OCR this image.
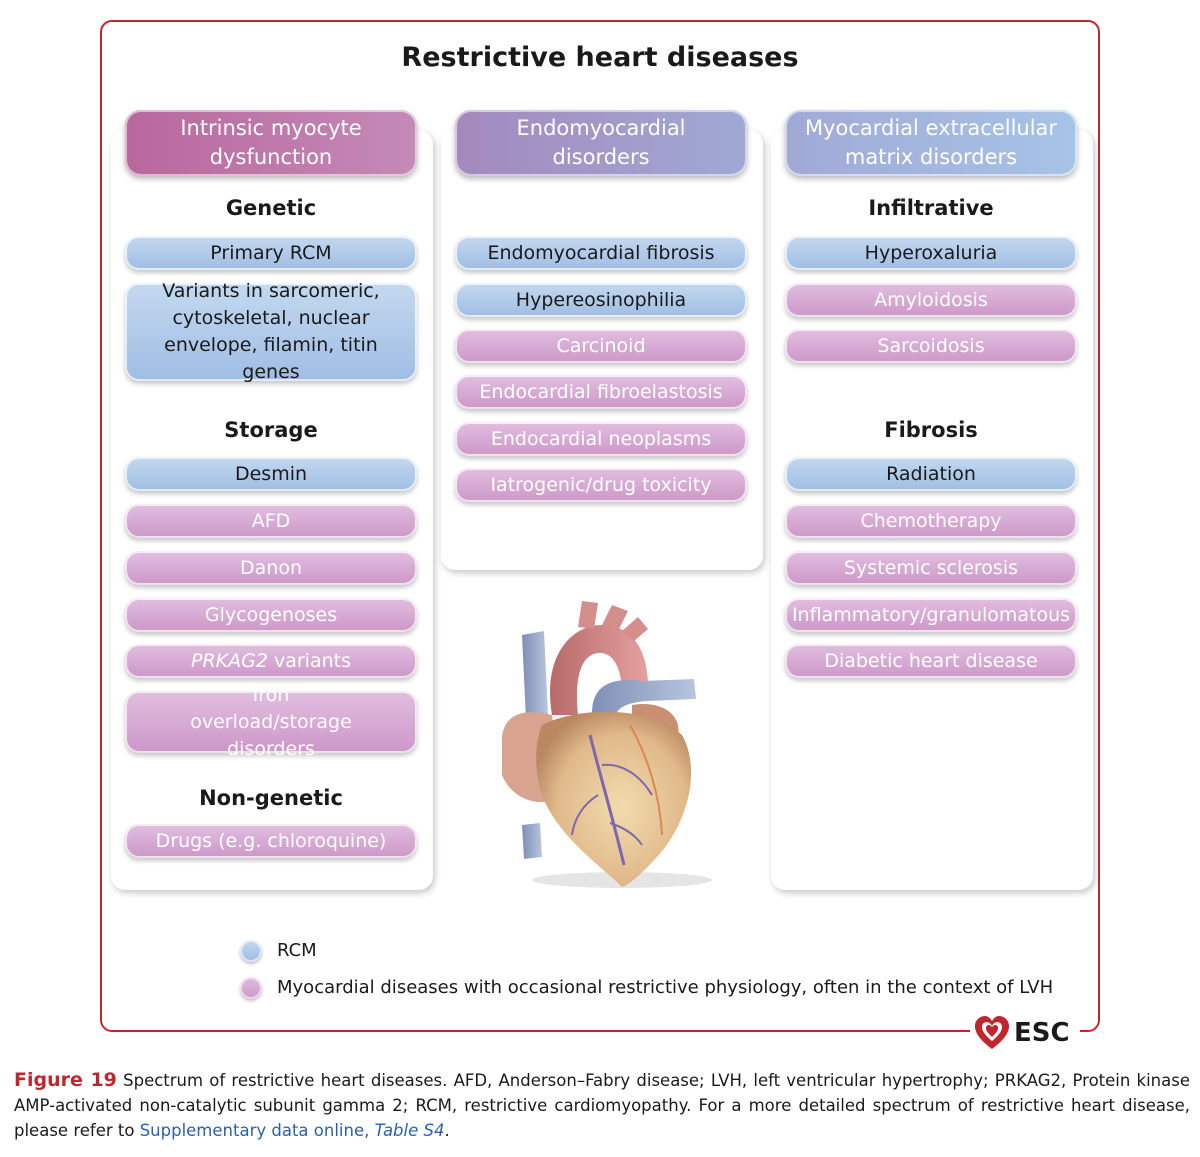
Restrictive heart diseases
Intrinsic myocyte dysfunction
Endomyocardial disorders
Myocardial extracellular matrix disorders
Genetic
Primary RCM
Variants in sarcomeric, cytoskeletal, nuclear envelope, filamin, titin genes
Storage
Desmin
AFD
Danon
Glycogenoses
PRKAG2 variants
Iron overload/storage disorders
Non-genetic
Drugs (e.g. chloroquine)
Endomyocardial fibrosis
Hypereosinophilia
Carcinoid
Endocardial fibroelastosis
Endocardial neoplasms
Iatrogenic/drug toxicity
Infiltrative
Hyperoxaluria
Amyloidosis
Sarcoidosis
Fibrosis
Radiation
Chemotherapy
Systemic sclerosis
Inflammatory/granulomatous
Diabetic heart disease
RCM
Myocardial diseases with occasional restrictive physiology, often in the context of LVH
ESC
Figure 19 Spectrum of restrictive heart diseases. AFD, Anderson–Fabry disease; LVH, left ventricular hypertrophy; PRKAG2, Protein kinase AMP-activated non-catalytic subunit gamma 2; RCM, restrictive cardiomyopathy. For a more detailed spectrum of restrictive heart disease, please refer to Supplementary data online, Table S4.
